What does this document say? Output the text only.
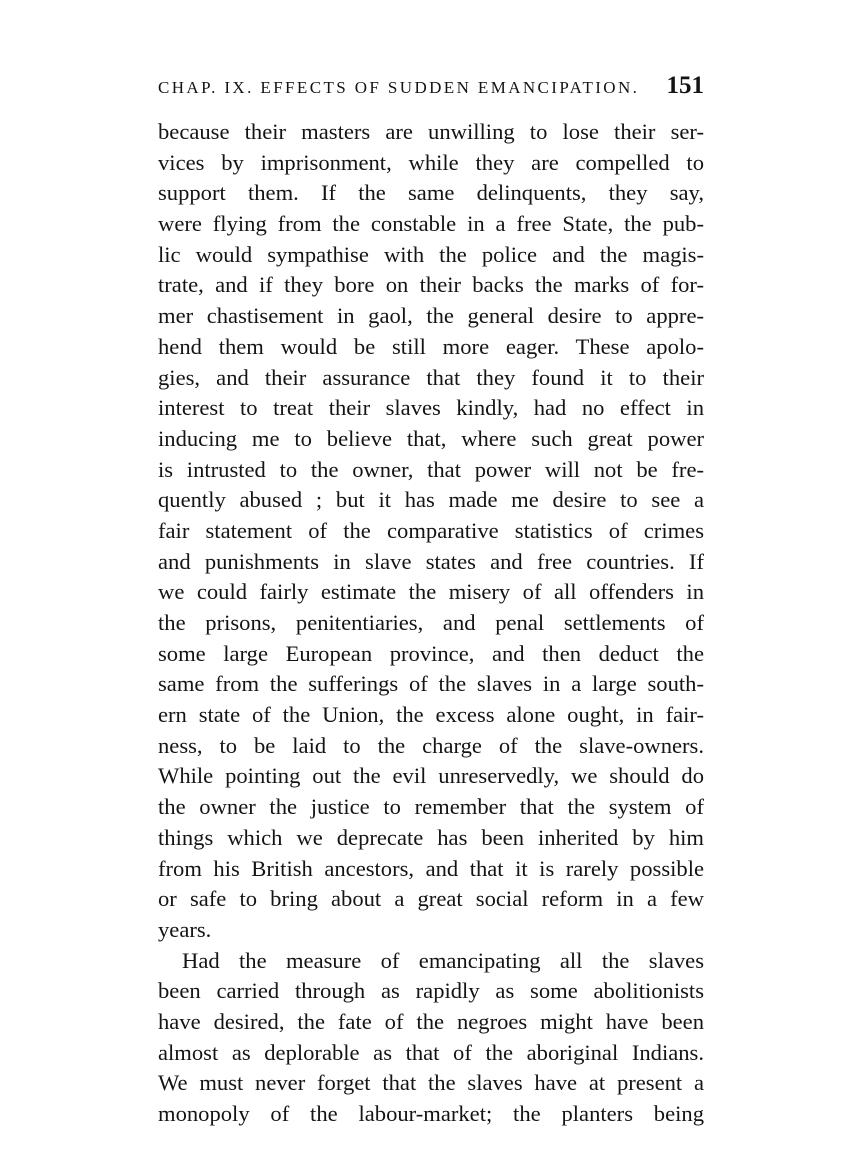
CHAP. IX. EFFECTS OF SUDDEN EMANCIPATION. 151
because their masters are unwilling to lose their ser-
vices by imprisonment, while they are compelled to
support them. If the same delinquents, they say,
were flying from the constable in a free State, the pub-
lic would sympathise with the police and the magis-
trate, and if they bore on their backs the marks of for-
mer chastisement in gaol, the general desire to appre-
hend them would be still more eager. These apolo-
gies, and their assurance that they found it to their
interest to treat their slaves kindly, had no effect in
inducing me to believe that, where such great power
is intrusted to the owner, that power will not be fre-
quently abused ; but it has made me desire to see a
fair statement of the comparative statistics of crimes
and punishments in slave states and free countries. If
we could fairly estimate the misery of all offenders in
the prisons, penitentiaries, and penal settlements of
some large European province, and then deduct the
same from the sufferings of the slaves in a large south-
ern state of the Union, the excess alone ought, in fair-
ness, to be laid to the charge of the slave-owners.
While pointing out the evil unreservedly, we should do
the owner the justice to remember that the system of
things which we deprecate has been inherited by him
from his British ancestors, and that it is rarely possible
or safe to bring about a great social reform in a few
years.
Had the measure of emancipating all the slaves
been carried through as rapidly as some abolitionists
have desired, the fate of the negroes might have been
almost as deplorable as that of the aboriginal Indians.
We must never forget that the slaves have at present a
monopoly of the labour-market; the planters being
